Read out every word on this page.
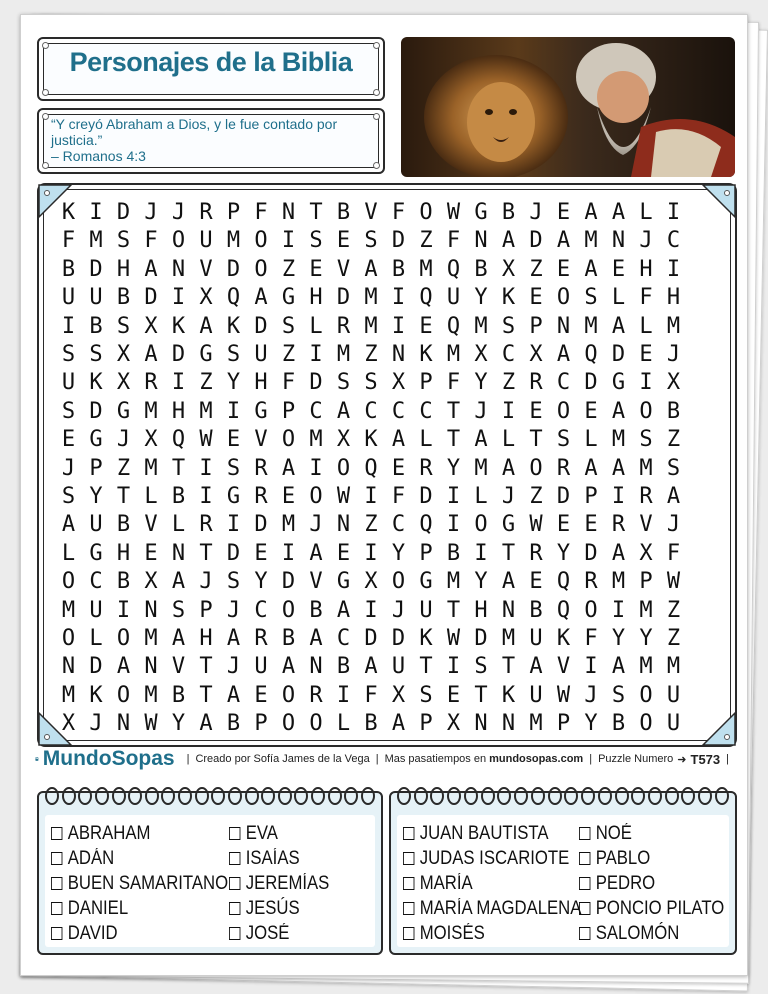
Personajes de la Biblia
“Y creyó Abraham a Dios, y le fue contado por
justicia.”
– Romanos 4:3
K I D J J R P F N T B V F O W G B J E A A L I
F M S F O U M O I S E S D Z F N A D A M N J C
B D H A N V D O Z E V A B M Q B X Z E A E H I
U U B D I X Q A G H D M I Q U Y K E O S L F H
I B S X K A K D S L R M I E Q M S P N M A L M
S S X A D G S U Z I M Z N K M X C X A Q D E J
U K X R I Z Y H F D S S X P F Y Z R C D G I X
S D G M H M I G P C A C C C T J I E O E A O B
E G J X Q W E V O M X K A L T A L T S L M S Z
J P Z M T I S R A I O Q E R Y M A O R A A M S
S Y T L B I G R E O W I F D I L J Z D P I R A
A U B V L R I D M J N Z C Q I O G W E E R V J
L G H E N T D E I A E I Y P B I T R Y D A X F
O C B X A J S Y D V G X O G M Y A E Q R M P W
M U I N S P J C O B A I J U T H N B Q O I M Z
O L O M A H A R B A C D D K W D M U K F Y Y Z
N D A N V T J U A N B A U T I S T A V I A M M
M K O M B T A E O R I F X S E T K U W J S O U
X J N W Y A B P O O L B A P X N N M P Y B O U
MundoSopas | Creado por Sofía James de la Vega | Mas pasatiempos en mundosopas.com | Puzzle Numero ➜ T573 |
ABRAHAM
ADÁN
BUEN SAMARITANO
DANIEL
DAVID
EVA
ISAÍAS
JEREMÍAS
JESÚS
JOSÉ
JUAN BAUTISTA
JUDAS ISCARIOTE
MARÍA
MARÍA MAGDALENA
MOISÉS
NOÉ
PABLO
PEDRO
PONCIO PILATO
SALOMÓN
